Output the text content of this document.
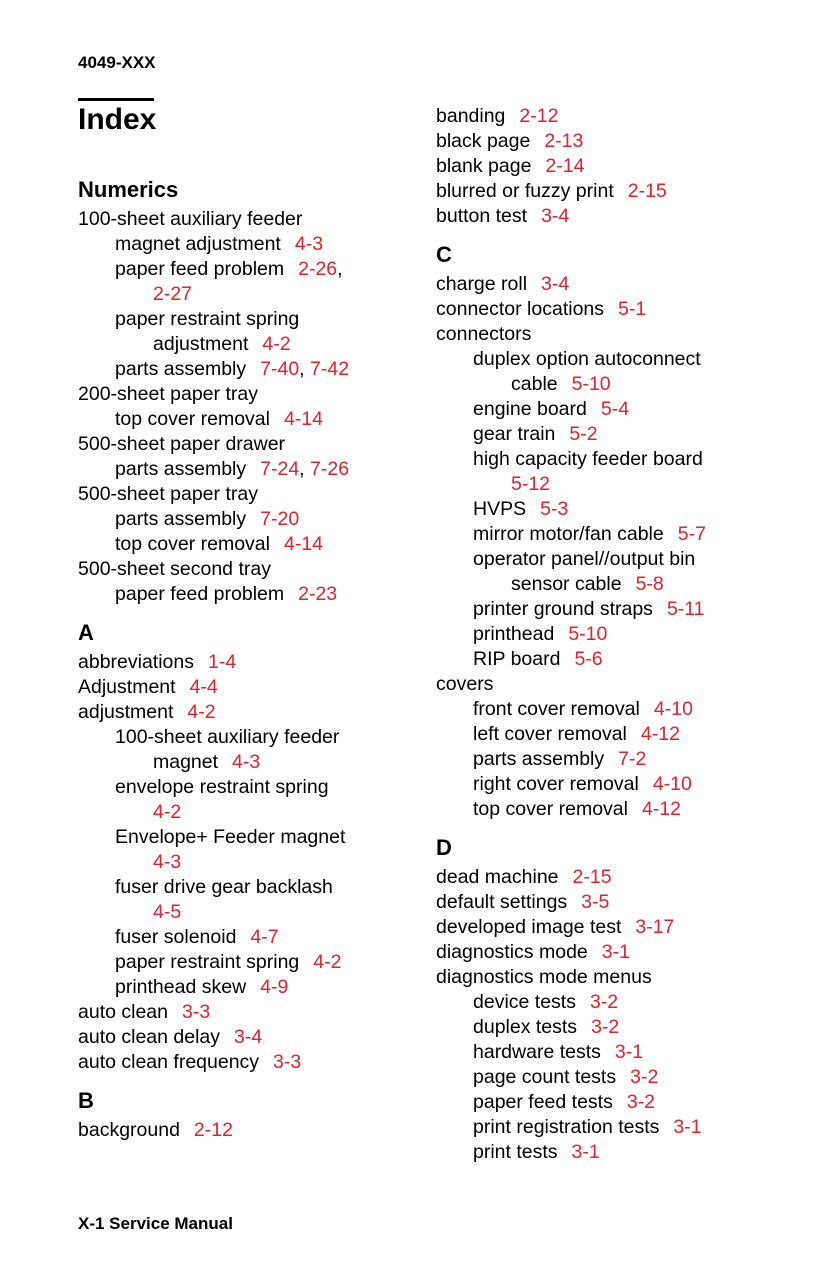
4049-XXX
Index
Numerics
100-sheet auxiliary feeder
magnet adjustment 4-3
paper feed problem 2-26,
2-27
paper restraint spring
adjustment 4-2
parts assembly 7-40, 7-42
200-sheet paper tray
top cover removal 4-14
500-sheet paper drawer
parts assembly 7-24, 7-26
500-sheet paper tray
parts assembly 7-20
top cover removal 4-14
500-sheet second tray
paper feed problem 2-23
A
abbreviations 1-4
Adjustment 4-4
adjustment 4-2
100-sheet auxiliary feeder
magnet 4-3
envelope restraint spring
4-2
Envelope+ Feeder magnet
4-3
fuser drive gear backlash
4-5
fuser solenoid 4-7
paper restraint spring 4-2
printhead skew 4-9
auto clean 3-3
auto clean delay 3-4
auto clean frequency 3-3
B
background 2-12
banding 2-12
black page 2-13
blank page 2-14
blurred or fuzzy print 2-15
button test 3-4
C
charge roll 3-4
connector locations 5-1
connectors
duplex option autoconnect
cable 5-10
engine board 5-4
gear train 5-2
high capacity feeder board
5-12
HVPS 5-3
mirror motor/fan cable 5-7
operator panel//output bin
sensor cable 5-8
printer ground straps 5-11
printhead 5-10
RIP board 5-6
covers
front cover removal 4-10
left cover removal 4-12
parts assembly 7-2
right cover removal 4-10
top cover removal 4-12
D
dead machine 2-15
default settings 3-5
developed image test 3-17
diagnostics mode 3-1
diagnostics mode menus
device tests 3-2
duplex tests 3-2
hardware tests 3-1
page count tests 3-2
paper feed tests 3-2
print registration tests 3-1
print tests 3-1
X-1 Service Manual
